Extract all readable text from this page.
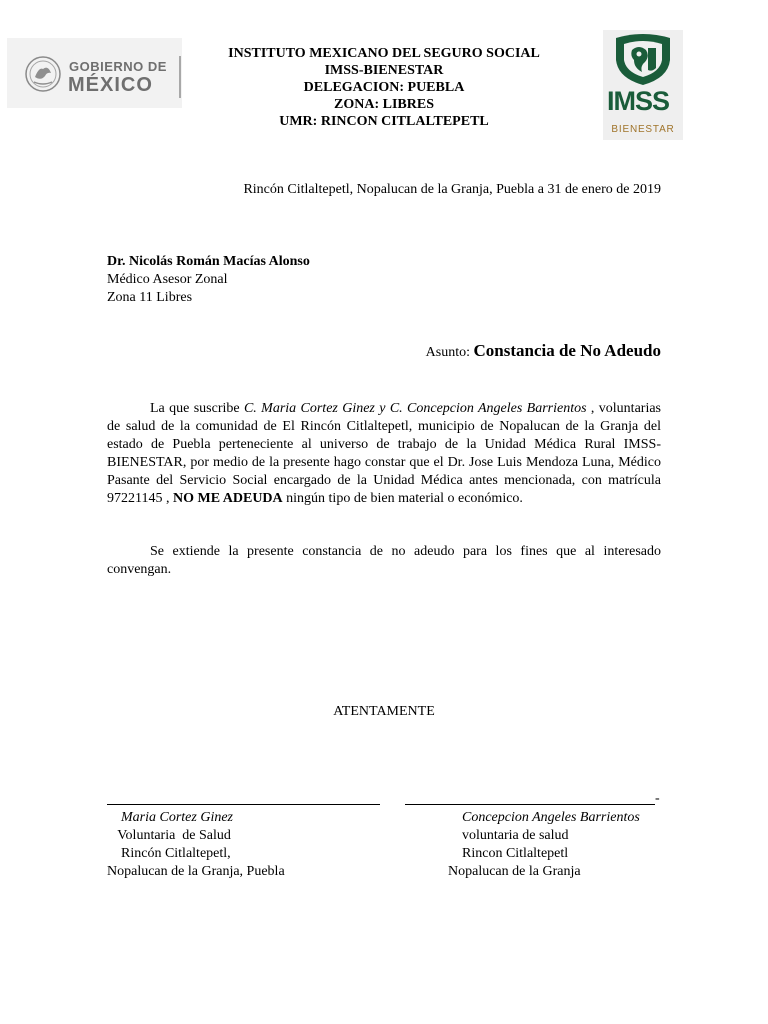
GOBIERNO DE
MÉXICO
IMSS
BIENESTAR
INSTITUTO MEXICANO DEL SEGURO SOCIAL
IMSS-BIENESTAR
DELEGACION: PUEBLA
ZONA: LIBRES
UMR: RINCON CITLALTEPETL
Rincón Citlaltepetl, Nopalucan de la Granja, Puebla a 31 de enero de 2019
Dr. Nicolás Román Macías Alonso
Médico Asesor Zonal
Zona 11 Libres
Asunto: Constancia de No Adeudo
La que suscribe C. Maria Cortez Ginez y C. Concepcion Angeles Barrientos , voluntarias de salud de la comunidad de El Rincón Citlaltepetl, municipio de Nopalucan de la Granja del estado de Puebla perteneciente al universo de trabajo de la Unidad Médica Rural IMSS-BIENESTAR, por medio de la presente hago constar que el Dr. Jose Luis Mendoza Luna, Médico Pasante del Servicio Social encargado de la Unidad Médica antes mencionada, con matrícula 97221145 , NO ME ADEUDA ningún tipo de bien material o económico.
Se extiende la presente constancia de no adeudo para los fines que al interesado convengan.
ATENTAMENTE
-
Maria Cortez Ginez
Voluntaria  de Salud
Rincón Citlaltepetl,
Nopalucan de la Granja, Puebla
Concepcion Angeles Barrientos
voluntaria de salud
Rincon Citlaltepetl
Nopalucan de la Granja
